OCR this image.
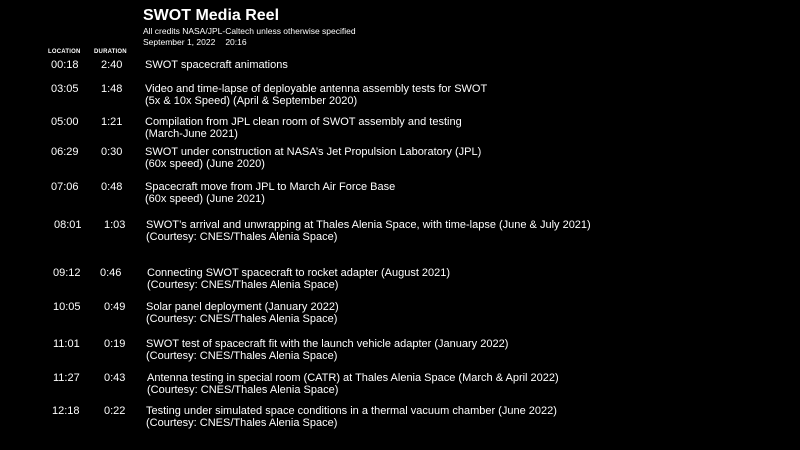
SWOT Media Reel
All credits NASA/JPL-Caltech unless otherwise specified
September 1, 2022 20:16
LOCATION DURATION
00:18 2:40 SWOT spacecraft animations
03:05 1:48 Video and time-lapse of deployable antenna assembly tests for SWOT
(5x & 10x Speed) (April & September 2020)
05:00 1:21 Compilation from JPL clean room of SWOT assembly and testing
(March-June 2021)
06:29 0:30 SWOT under construction at NASA’s Jet Propulsion Laboratory (JPL)
(60x speed) (June 2020)
07:06 0:48 Spacecraft move from JPL to March Air Force Base
(60x speed) (June 2021)
08:01 1:03 SWOT’s arrival and unwrapping at Thales Alenia Space, with time-lapse (June & July 2021)
(Courtesy: CNES/Thales Alenia Space)
09:12 0:46 Connecting SWOT spacecraft to rocket adapter (August 2021)
(Courtesy: CNES/Thales Alenia Space)
10:05 0:49 Solar panel deployment (January 2022)
(Courtesy: CNES/Thales Alenia Space)
11:01 0:19 SWOT test of spacecraft fit with the launch vehicle adapter (January 2022)
(Courtesy: CNES/Thales Alenia Space)
11:27 0:43 Antenna testing in special room (CATR) at Thales Alenia Space (March & April 2022)
(Courtesy: CNES/Thales Alenia Space)
12:18 0:22 Testing under simulated space conditions in a thermal vacuum chamber (June 2022)
(Courtesy: CNES/Thales Alenia Space)
